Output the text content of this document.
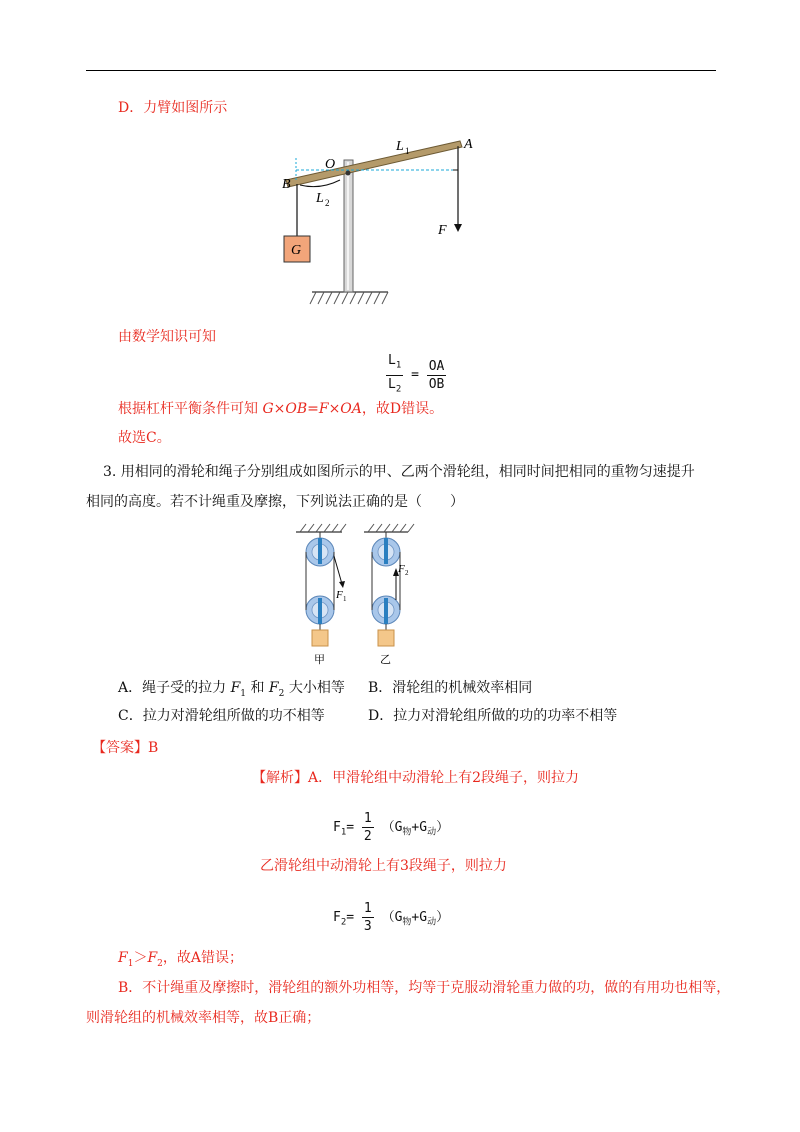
D．力臂如图所示
O
A
B
L 1
L 2
F
G
由数学知识可知
$\frac{L_1}{L_2} = \frac{OA}{OB}$
根据杠杆平衡条件可知 G×OB=F×OA，故D错误。
故选C。
3. 用相同的滑轮和绳子分别组成如图所示的甲、乙两个滑轮组，相同时间把相同的重物匀速提升
相同的高度。若不计绳重及摩擦，下列说法正确的是（　　）
F 1
F 2
甲	乙
A．绳子受的拉力 $F_1$ 和 $F_2$ 大小相等 B．滑轮组的机械效率相同
C．拉力对滑轮组所做的功不相等	D．拉力对滑轮组所做的功的功率不相等
【答案】B
【解析】A．甲滑轮组中动滑轮上有2段绳子，则拉力
$F_1= \frac{1}{2} (G_物+G_动)$
乙滑轮组中动滑轮上有3段绳子，则拉力
$F_2= \frac{1}{3} (G_物+G_动)$
$F_1>F_2$，故A错误；
B．不计绳重及摩擦时，滑轮组的额外功相等，均等于克服动滑轮重力做的功，做的有用功也相等，
则滑轮组的机械效率相等，故B正确；
